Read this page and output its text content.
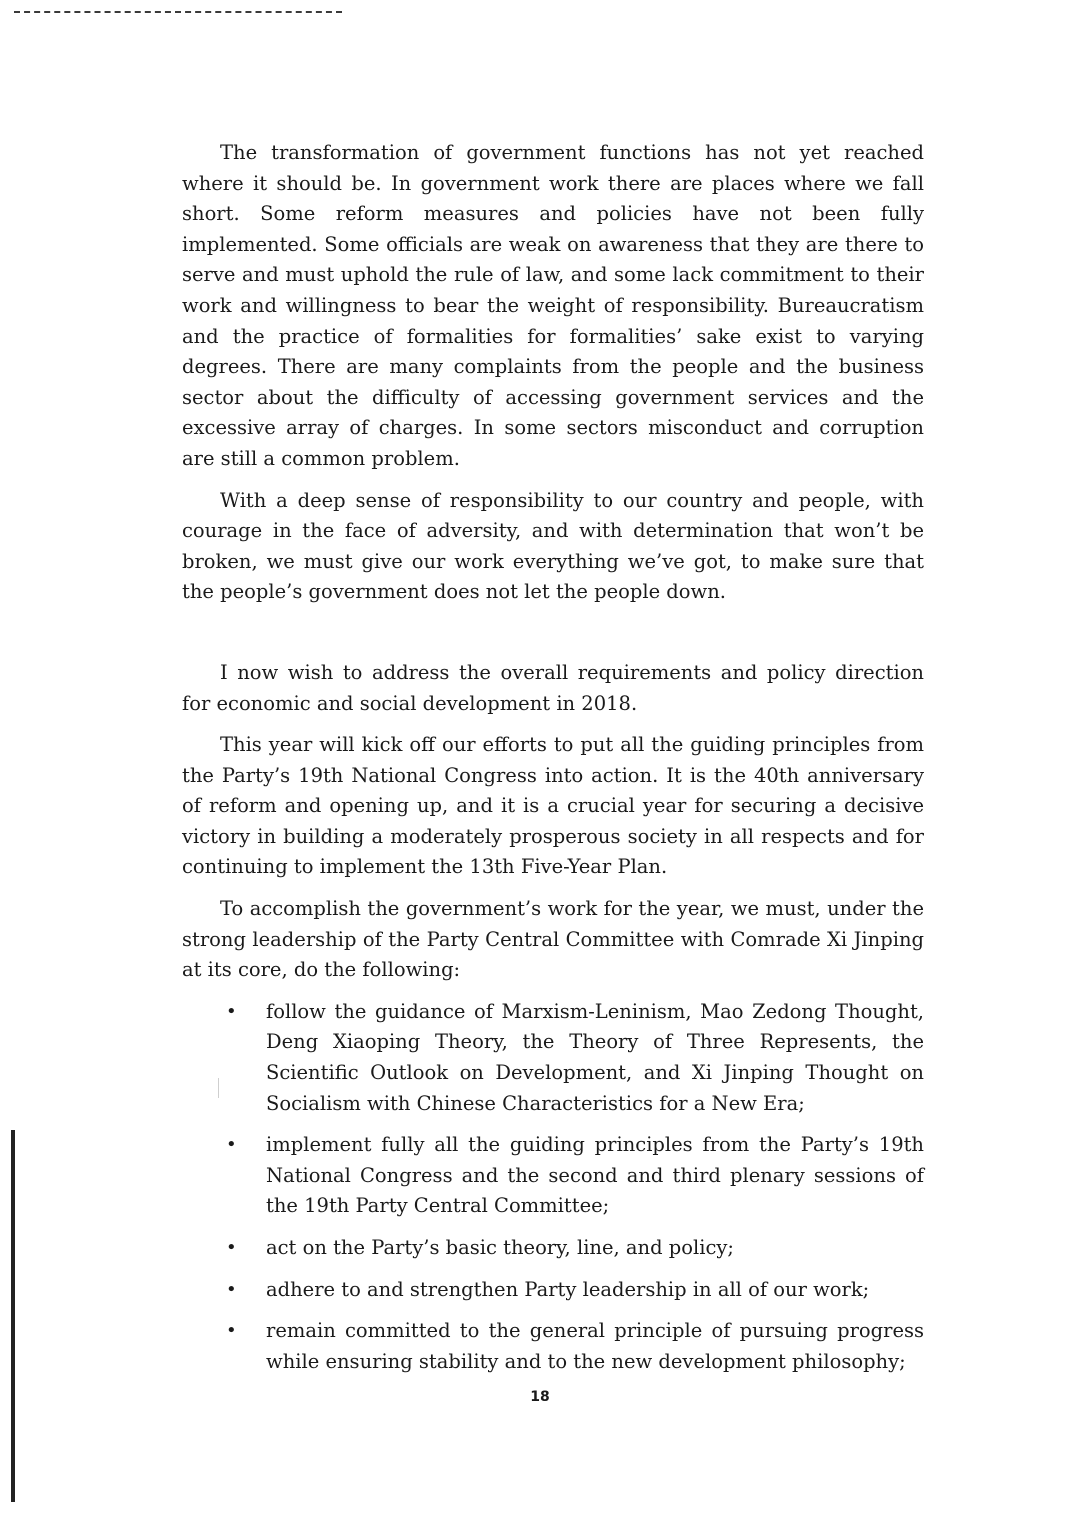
The transformation of government functions has not yet reached where it should be. In government work there are places where we fall short. Some reform measures and policies have not been fully implemented. Some officials are weak on awareness that they are there to serve and must uphold the rule of law, and some lack commitment to their work and willingness to bear the weight of responsibility. Bureaucratism and the practice of formalities for formalities’ sake exist to varying degrees. There are many complaints from the people and the business sector about the difficulty of accessing government services and the excessive array of charges. In some sectors misconduct and corruption are still a common problem.

With a deep sense of responsibility to our country and people, with courage in the face of adversity, and with determination that won’t be broken, we must give our work everything we’ve got, to make sure that the people’s government does not let the people down.

I now wish to address the overall requirements and policy direction for economic and social development in 2018.

This year will kick off our efforts to put all the guiding principles from the Party’s 19th National Congress into action. It is the 40th anniversary of reform and opening up, and it is a crucial year for securing a decisive victory in building a moderately prosperous society in all respects and for continuing to implement the 13th Five-Year Plan.

To accomplish the government’s work for the year, we must, under the strong leadership of the Party Central Committee with Comrade Xi Jinping at its core, do the following:

• follow the guidance of Marxism-Leninism, Mao Zedong Thought, Deng Xiaoping Theory, the Theory of Three Represents, the Scientific Outlook on Development, and Xi Jinping Thought on Socialism with Chinese Characteristics for a New Era;
• implement fully all the guiding principles from the Party’s 19th National Congress and the second and third plenary sessions of the 19th Party Central Committee;
• act on the Party’s basic theory, line, and policy;
• adhere to and strengthen Party leadership in all of our work;
• remain committed to the general principle of pursuing progress while ensuring stability and to the new development philosophy;
18
